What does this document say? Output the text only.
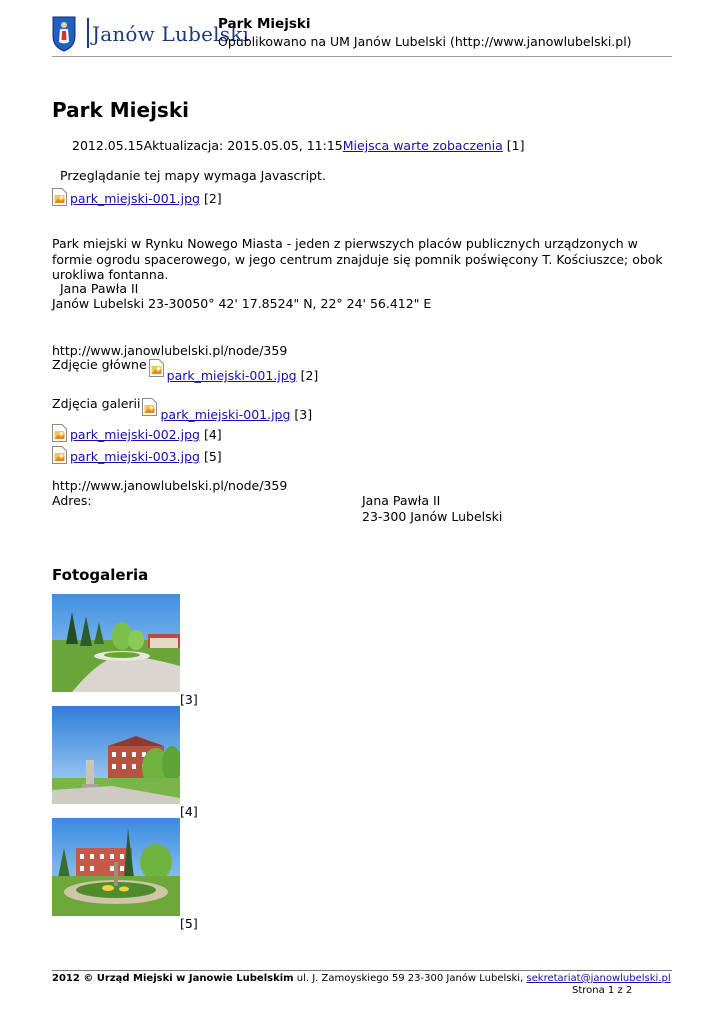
Janów Lubelski
Park Miejski
Opublikowano na UM Janów Lubelski (http://www.janowlubelski.pl)
Park Miejski
2012.05.15Aktualizacja: 2015.05.05, 11:15Miejsca warte zobaczenia [1]
Przeglądanie tej mapy wymaga Javascript.
park_miejski-001.jpg
[2]
Park miejski w Rynku Nowego Miasta - jeden z pierwszych placów publicznych urządzonych w formie ogrodu spacerowego, w jego centrum znajduje się pomnik poświęcony T. Kościuszce; obok urokliwa fontanna.
Jana Pawła II
Janów Lubelski 23-30050° 42' 17.8524" N, 22° 24' 56.412" E
http://www.janowlubelski.pl/node/359
Zdjęcie główne
park_miejski-001.jpg [2]
Zdjęcia galerii
park_miejski-001.jpg [3]
park_miejski-002.jpg
[4]
park_miejski-003.jpg
[5]
http://www.janowlubelski.pl/node/359
Adres:	Jana Pawła II
23-300 Janów Lubelski
Fotogaleria
[3]
[4]
[5]
2012 © Urząd Miejski w Janowie Lubelskim ul. J. Zamoyskiego 59 23-300 Janów Lubelski, sekretariat@janowlubelski.pl
Strona 1 z 2
